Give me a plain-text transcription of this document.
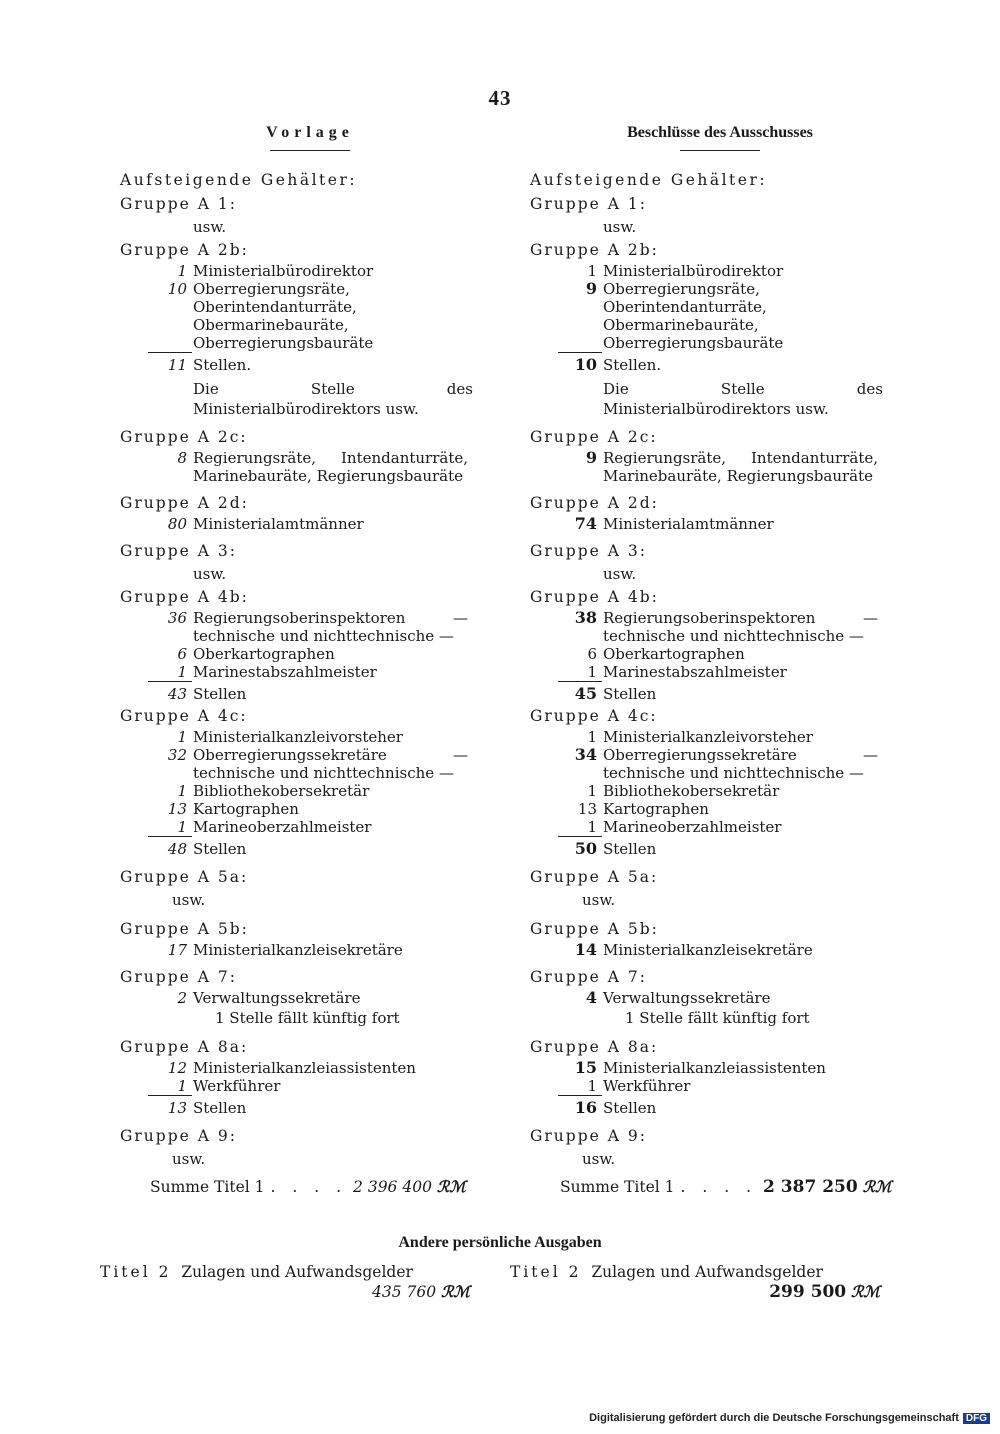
43
Vorlage
Aufsteigende Gehälter:
Gruppe A 1:
usw.
Gruppe A 2b:
1 Ministerialbürodirektor
10 Oberregierungsräte, Oberintendanturräte, Obermarinebauräte, Oberregierungsbauräte
11 Stellen.
Die Stelle des Ministerialbürodirektors usw.
Gruppe A 2c:
8 Regierungsräte, Intendanturräte, Marinebauräte, Regierungsbauräte
Gruppe A 2d:
80 Ministerialamtmänner
Gruppe A 3:
usw.
Gruppe A 4b:
36 Regierungsoberinspektoren — technische und nichttechnische —
6 Oberkartographen
1 Marinestabszahlmeister
43 Stellen
Gruppe A 4c:
1 Ministerialkanzleivorsteher
32 Oberregierungssekretäre — technische und nichttechnische —
1 Bibliothekobersekretär
13 Kartographen
1 Marineoberzahlmeister
48 Stellen
Gruppe A 5a:
usw.
Gruppe A 5b:
17 Ministerialkanzleisekretäre
Gruppe A 7:
2 Verwaltungssekretäre
1 Stelle fällt künftig fort
Gruppe A 8a:
12 Ministerialkanzleiassistenten
1 Werkführer
13 Stellen
Gruppe A 9:
usw.
Summe Titel 1 . . . . 2 396 400 ℛℳ
Beschlüsse des Ausschusses
Aufsteigende Gehälter:
Gruppe A 1:
usw.
Gruppe A 2b:
1 Ministerialbürodirektor
9 Oberregierungsräte, Oberintendanturräte, Obermarinebauräte, Oberregierungsbauräte
10 Stellen.
Die Stelle des Ministerialbürodirektors usw.
Gruppe A 2c:
9 Regierungsräte, Intendanturräte, Marinebauräte, Regierungsbauräte
Gruppe A 2d:
74 Ministerialamtmänner
Gruppe A 3:
usw.
Gruppe A 4b:
38 Regierungsoberinspektoren — technische und nichttechnische —
6 Oberkartographen
1 Marinestabszahlmeister
45 Stellen
Gruppe A 4c:
1 Ministerialkanzleivorsteher
34 Oberregierungssekretäre — technische und nichttechnische —
1 Bibliothekobersekretär
13 Kartographen
1 Marineoberzahlmeister
50 Stellen
Gruppe A 5a:
usw.
Gruppe A 5b:
14 Ministerialkanzleisekretäre
Gruppe A 7:
4 Verwaltungssekretäre
1 Stelle fällt künftig fort
Gruppe A 8a:
15 Ministerialkanzleiassistenten
1 Werkführer
16 Stellen
Gruppe A 9:
usw.
Summe Titel 1 . . . . 2 387 250 ℛℳ
Andere persönliche Ausgaben
Titel 2 Zulagen und Aufwandsgelder
435 760 ℛℳ
Titel 2 Zulagen und Aufwandsgelder
299 500 ℛℳ
Digitalisierung gefördert durch die Deutsche Forschungsgemeinschaft DFG
